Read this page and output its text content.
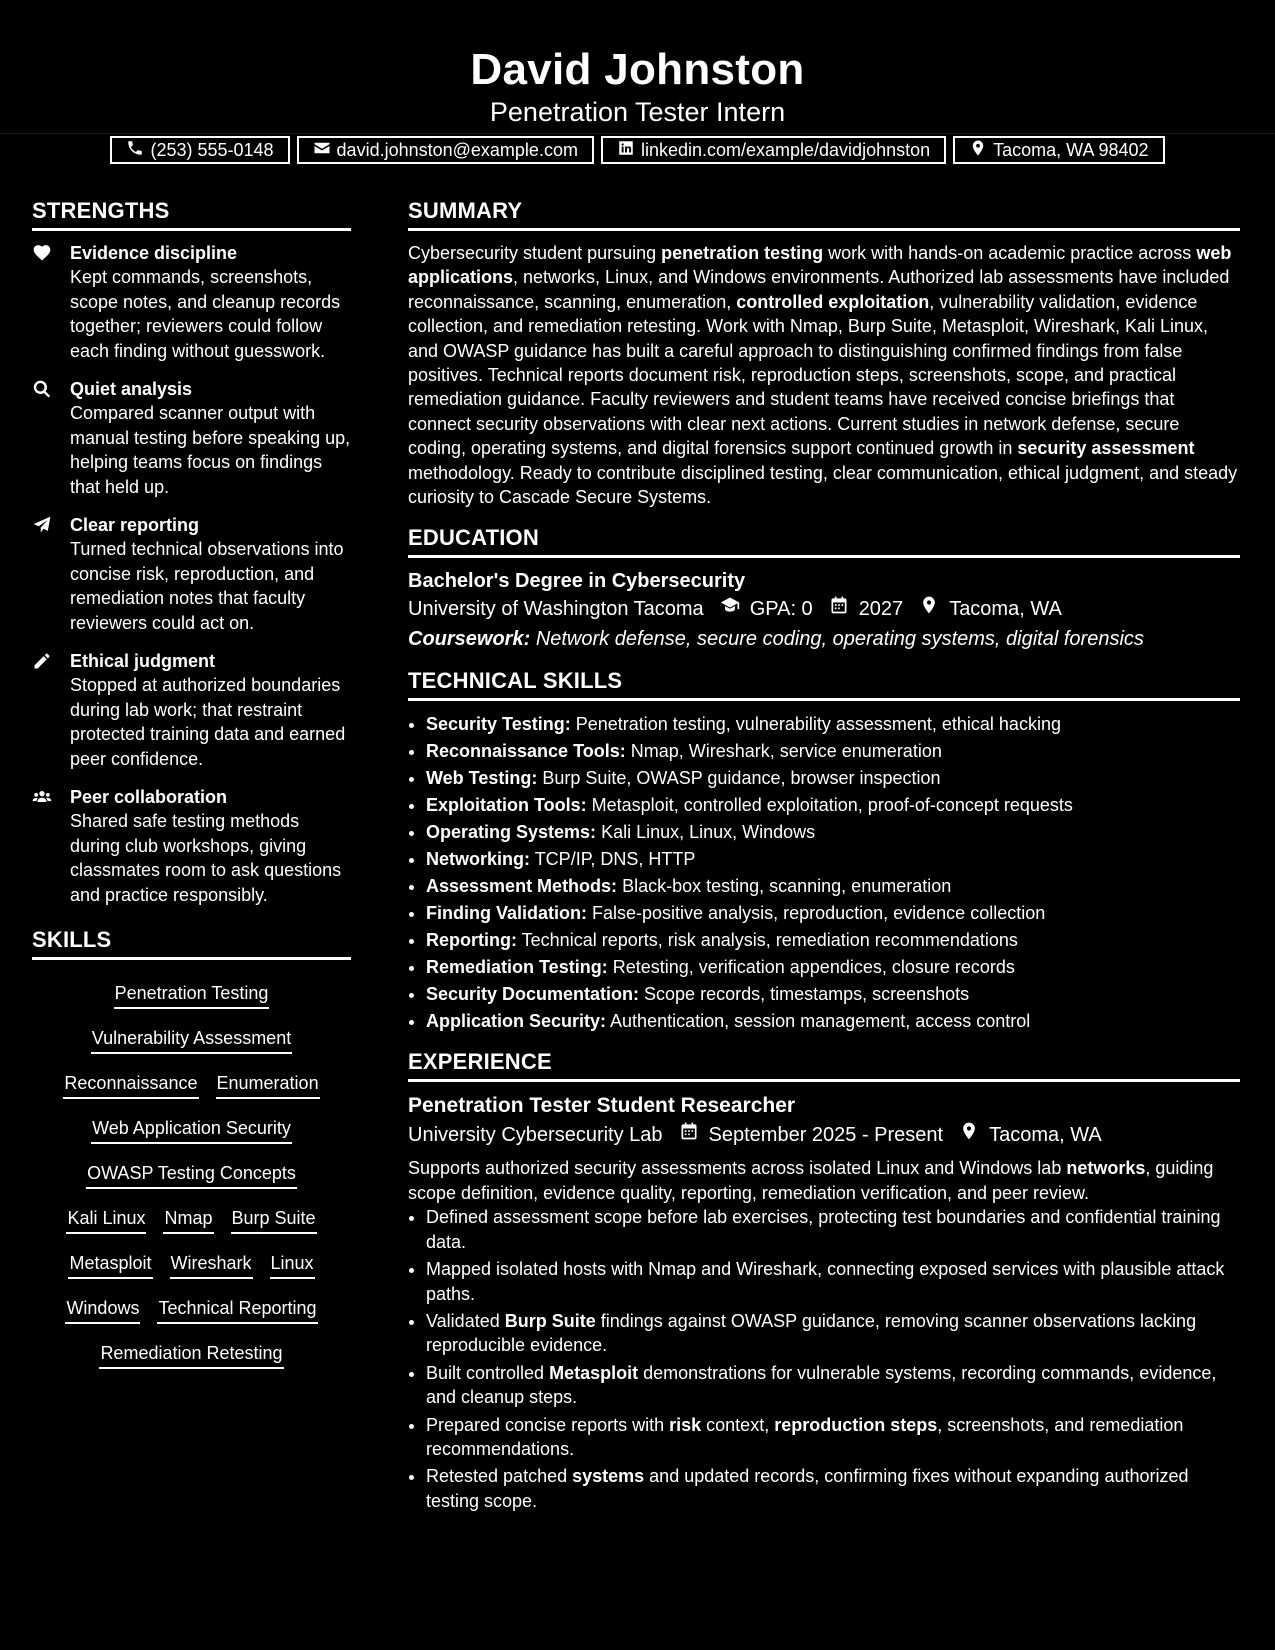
David Johnston
Penetration Tester Intern
(253) 555-0148	david.johnston@example.com	linkedin.com/example/davidjohnston	Tacoma, WA 98402
STRENGTHS
Evidence discipline
Kept commands, screenshots, scope notes, and cleanup records together; reviewers could follow each finding without guesswork.
Quiet analysis
Compared scanner output with manual testing before speaking up, helping teams focus on findings that held up.
Clear reporting
Turned technical observations into concise risk, reproduction, and remediation notes that faculty reviewers could act on.
Ethical judgment
Stopped at authorized boundaries during lab work; that restraint protected training data and earned peer confidence.
Peer collaboration
Shared safe testing methods during club workshops, giving classmates room to ask questions and practice responsibly.
SKILLS
Penetration Testing
Vulnerability Assessment
Reconnaissance Enumeration
Web Application Security
OWASP Testing Concepts
Kali Linux Nmap Burp Suite
Metasploit Wireshark Linux
Windows Technical Reporting
Remediation Retesting
SUMMARY
Cybersecurity student pursuing penetration testing work with hands-on academic practice across web applications, networks, Linux, and Windows environments. Authorized lab assessments have included reconnaissance, scanning, enumeration, controlled exploitation, vulnerability validation, evidence collection, and remediation retesting. Work with Nmap, Burp Suite, Metasploit, Wireshark, Kali Linux, and OWASP guidance has built a careful approach to distinguishing confirmed findings from false positives. Technical reports document risk, reproduction steps, screenshots, scope, and practical remediation guidance. Faculty reviewers and student teams have received concise briefings that connect security observations with clear next actions. Current studies in network defense, secure coding, operating systems, and digital forensics support continued growth in security assessment methodology. Ready to contribute disciplined testing, clear communication, ethical judgment, and steady curiosity to Cascade Secure Systems.
EDUCATION
Bachelor's Degree in Cybersecurity
University of Washington Tacoma GPA: 0 2027 Tacoma, WA
Coursework: Network defense, secure coding, operating systems, digital forensics
TECHNICAL SKILLS
• Security Testing: Penetration testing, vulnerability assessment, ethical hacking
• Reconnaissance Tools: Nmap, Wireshark, service enumeration
• Web Testing: Burp Suite, OWASP guidance, browser inspection
• Exploitation Tools: Metasploit, controlled exploitation, proof-of-concept requests
• Operating Systems: Kali Linux, Linux, Windows
• Networking: TCP/IP, DNS, HTTP
• Assessment Methods: Black-box testing, scanning, enumeration
• Finding Validation: False-positive analysis, reproduction, evidence collection
• Reporting: Technical reports, risk analysis, remediation recommendations
• Remediation Testing: Retesting, verification appendices, closure records
• Security Documentation: Scope records, timestamps, screenshots
• Application Security: Authentication, session management, access control
EXPERIENCE
Penetration Tester Student Researcher
University Cybersecurity Lab September 2025 - Present Tacoma, WA
Supports authorized security assessments across isolated Linux and Windows lab networks, guiding scope definition, evidence quality, reporting, remediation verification, and peer review.
• Defined assessment scope before lab exercises, protecting test boundaries and confidential training data.
• Mapped isolated hosts with Nmap and Wireshark, connecting exposed services with plausible attack paths.
• Validated Burp Suite findings against OWASP guidance, removing scanner observations lacking reproducible evidence.
• Built controlled Metasploit demonstrations for vulnerable systems, recording commands, evidence, and cleanup steps.
• Prepared concise reports with risk context, reproduction steps, screenshots, and remediation recommendations.
• Retested patched systems and updated records, confirming fixes without expanding authorized testing scope.
